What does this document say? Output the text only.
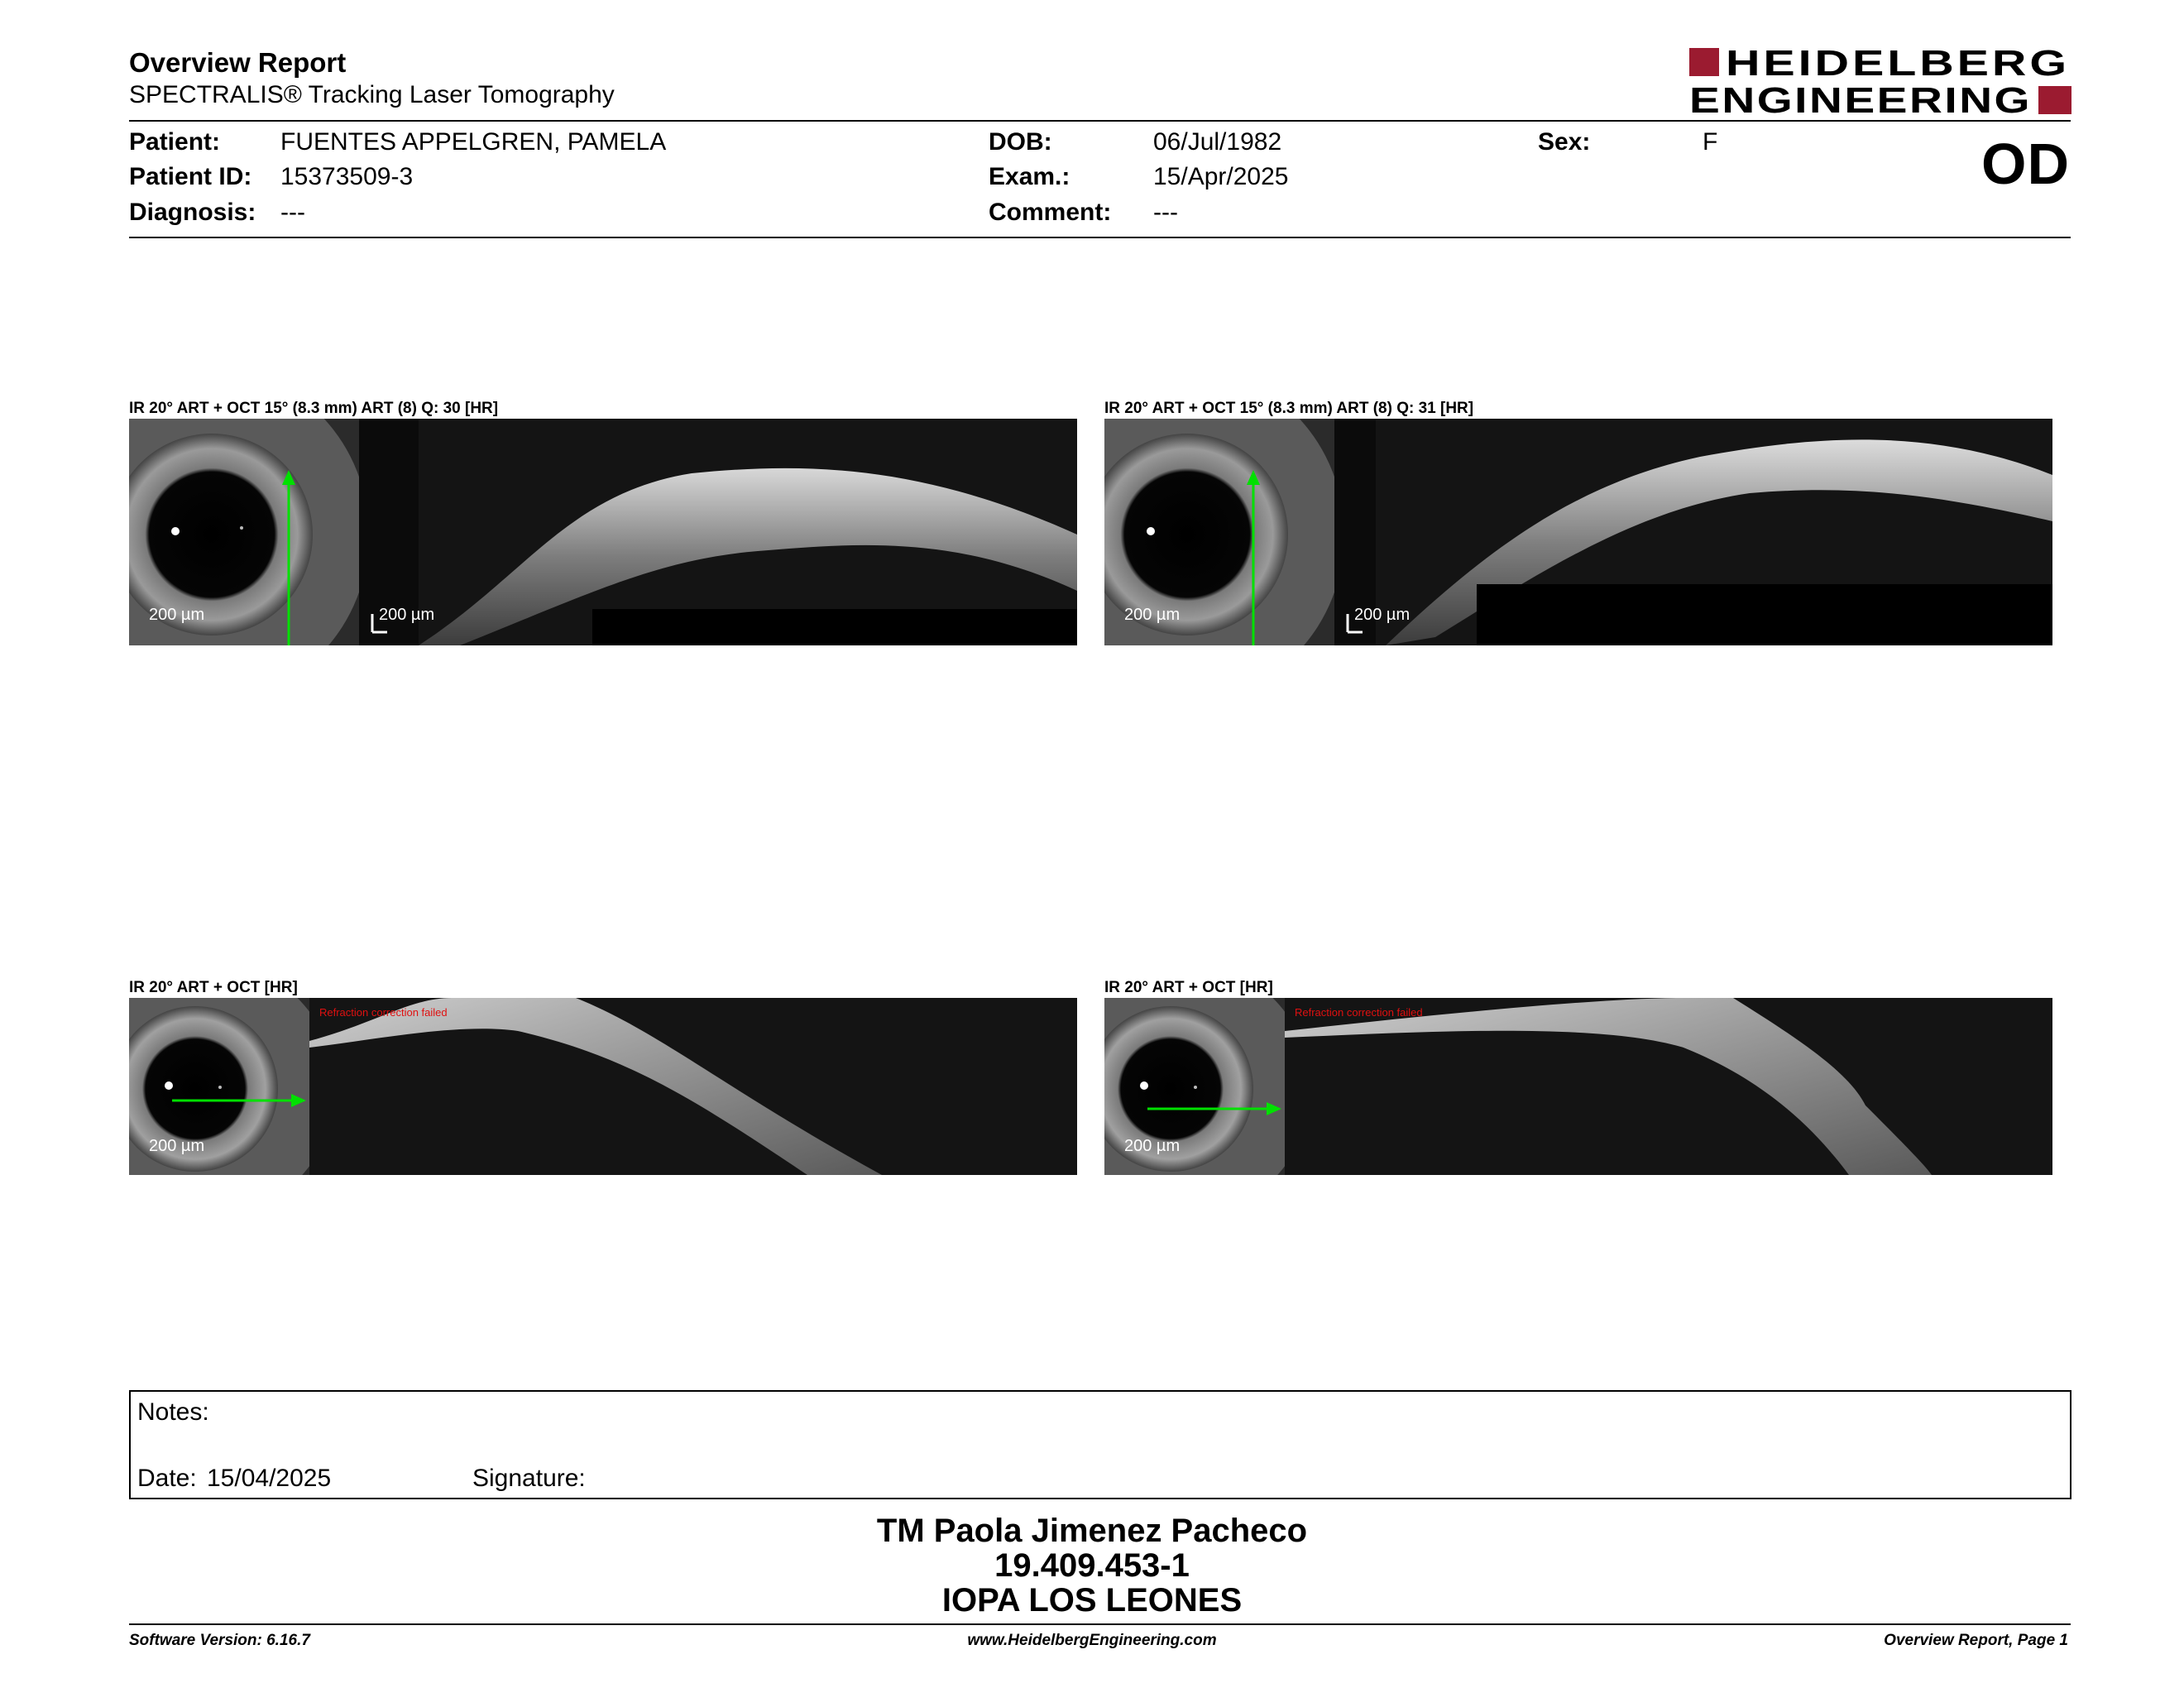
Overview Report
SPECTRALIS® Tracking Laser Tomography
HEIDELBERG
ENGINEERING
Patient: FUENTES APPELGREN, PAMELA
Patient ID: 15373509-3
Diagnosis: ---
DOB:	06/Jul/1982
Exam.:	15/Apr/2025
Comment: ---
Sex:	F	OD
IR 20° ART + OCT 15° (8.3 mm) ART (8) Q: 30 [HR]
200 µm	200 µm
IR 20° ART + OCT 15° (8.3 mm) ART (8) Q: 31 [HR]
200 µm	200 µm
IR 20° ART + OCT [HR]
Refraction correction failed
200 µm
IR 20° ART + OCT [HR]
Refraction correction failed
200 µm
Notes:
Date: 15/04/2025	Signature:
TM Paola Jimenez Pacheco
19.409.453-1
IOPA LOS LEONES
Software Version: 6.16.7	www.HeidelbergEngineering.com	Overview Report, Page 1
